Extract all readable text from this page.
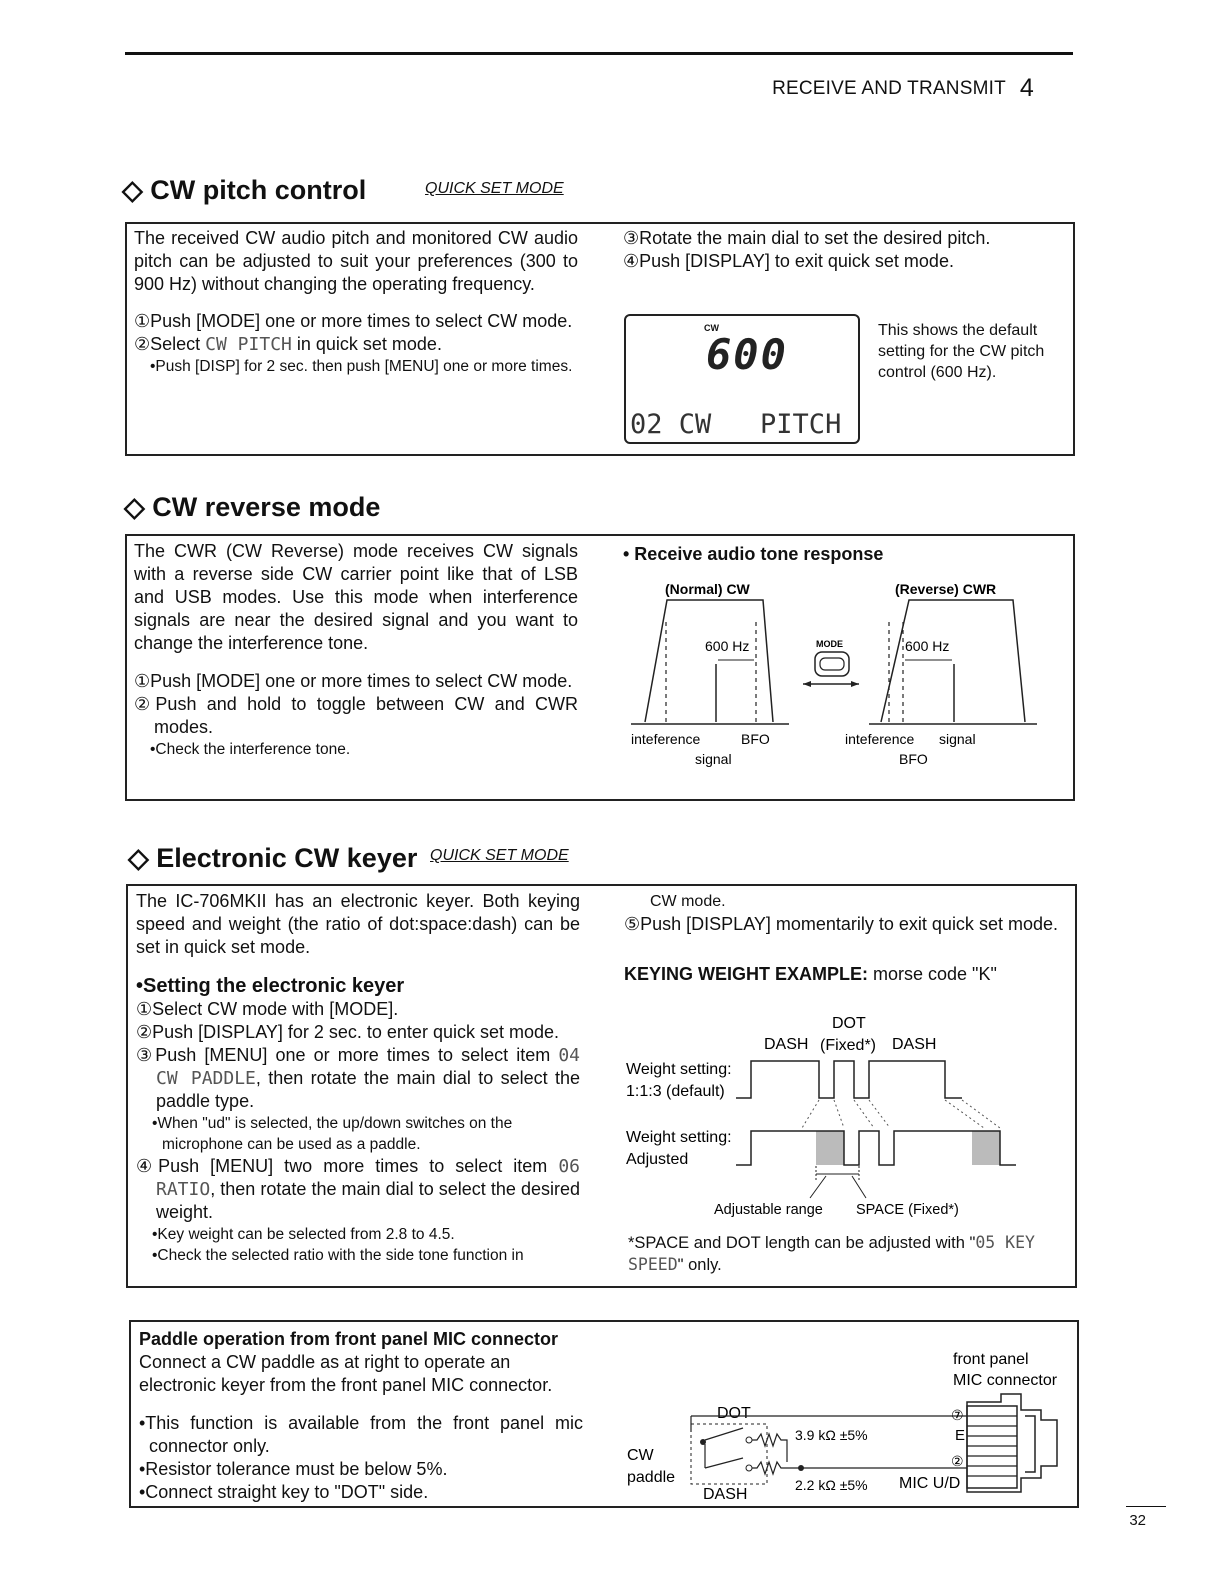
RECEIVE AND TRANSMIT 4
◇ CW pitch control	QUICK SET MODE
The received CW audio pitch and monitored CW audio pitch can be adjusted to suit your preferences (300 to 900 Hz) without changing the operating frequency.
①Push [MODE] one or more times to select CW mode.
②Select CW PITCH in quick set mode.
•Push [DISP] for 2 sec. then push [MENU] one or more times.
③Rotate the main dial to set the desired pitch.
④Push [DISPLAY] to exit quick set mode.
CW
600
02 CW   PITCH
This shows the default setting for the CW pitch control (600 Hz).
◇ CW reverse mode
The CWR (CW Reverse) mode receives CW signals with a reverse side CW carrier point like that of LSB and USB modes. Use this mode when interference signals are near the desired signal and you want to change the interference tone.
①Push [MODE] one or more times to select CW mode.
②Push and hold to toggle between CW and CWR modes.
•Check the interference tone.
• Receive audio tone response
(Normal) CW	(Reverse) CWR
600 Hz	MODE	600 Hz
inteference	BFO
signal
inteference signal
BFO
◇ Electronic CW keyer QUICK SET MODE
The IC-706MKII has an electronic keyer. Both keying speed and weight (the ratio of dot:space:dash) can be set in quick set mode.
•Setting the electronic keyer
①Select CW mode with [MODE].
②Push [DISPLAY] for 2 sec. to enter quick set mode.
③Push [MENU] one or more times to select item 04 CW PADDLE, then rotate the main dial to select the paddle type.
•When "ud" is selected, the up/down switches on the microphone can be used as a paddle.
④Push [MENU] two more times to select item 06 RATIO, then rotate the main dial to select the desired weight.
•Key weight can be selected from 2.8 to 4.5.
•Check the selected ratio with the side tone function in
CW mode.
⑤Push [DISPLAY] momentarily to exit quick set mode.
KEYING WEIGHT EXAMPLE: morse code "K"
DOT
DASH (Fixed*) DASH
Weight setting:
1:1:3 (default)
Weight setting:
Adjusted
Adjustable range SPACE (Fixed*)
*SPACE and DOT length can be adjusted with "05 KEY SPEED" only.
Paddle operation from front panel MIC connector
Connect a CW paddle as at right to operate an electronic keyer from the front panel MIC connector.
•This function is available from the front panel mic connector only.
•Resistor tolerance must be below 5%.
•Connect straight key to "DOT" side.
front panel
MIC connector
DOT
DASH
CW
paddle
3.9 kΩ ±5%
2.2 kΩ ±5%
⑦
E
②
MIC U/D
32
